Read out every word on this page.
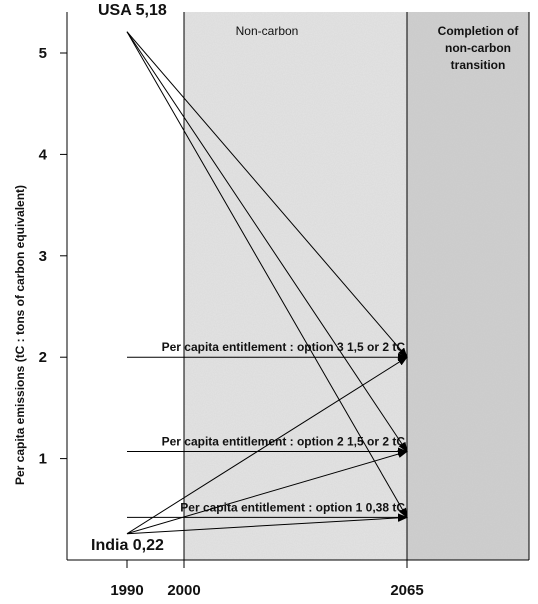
Non-carbon	Completion of
non-carbon
transition
1
2
3
4
5
1990 2000	2065
Per capita emissions (tC : tons of carbon equivalent)	Per capita entitlement : option 3 1,5 or 2 tC
Per capita entitlement : option 2 1,5 or 2 tC
Per capita entitlement : option 1 0,38 tC
USA 5,18
India 0,22
